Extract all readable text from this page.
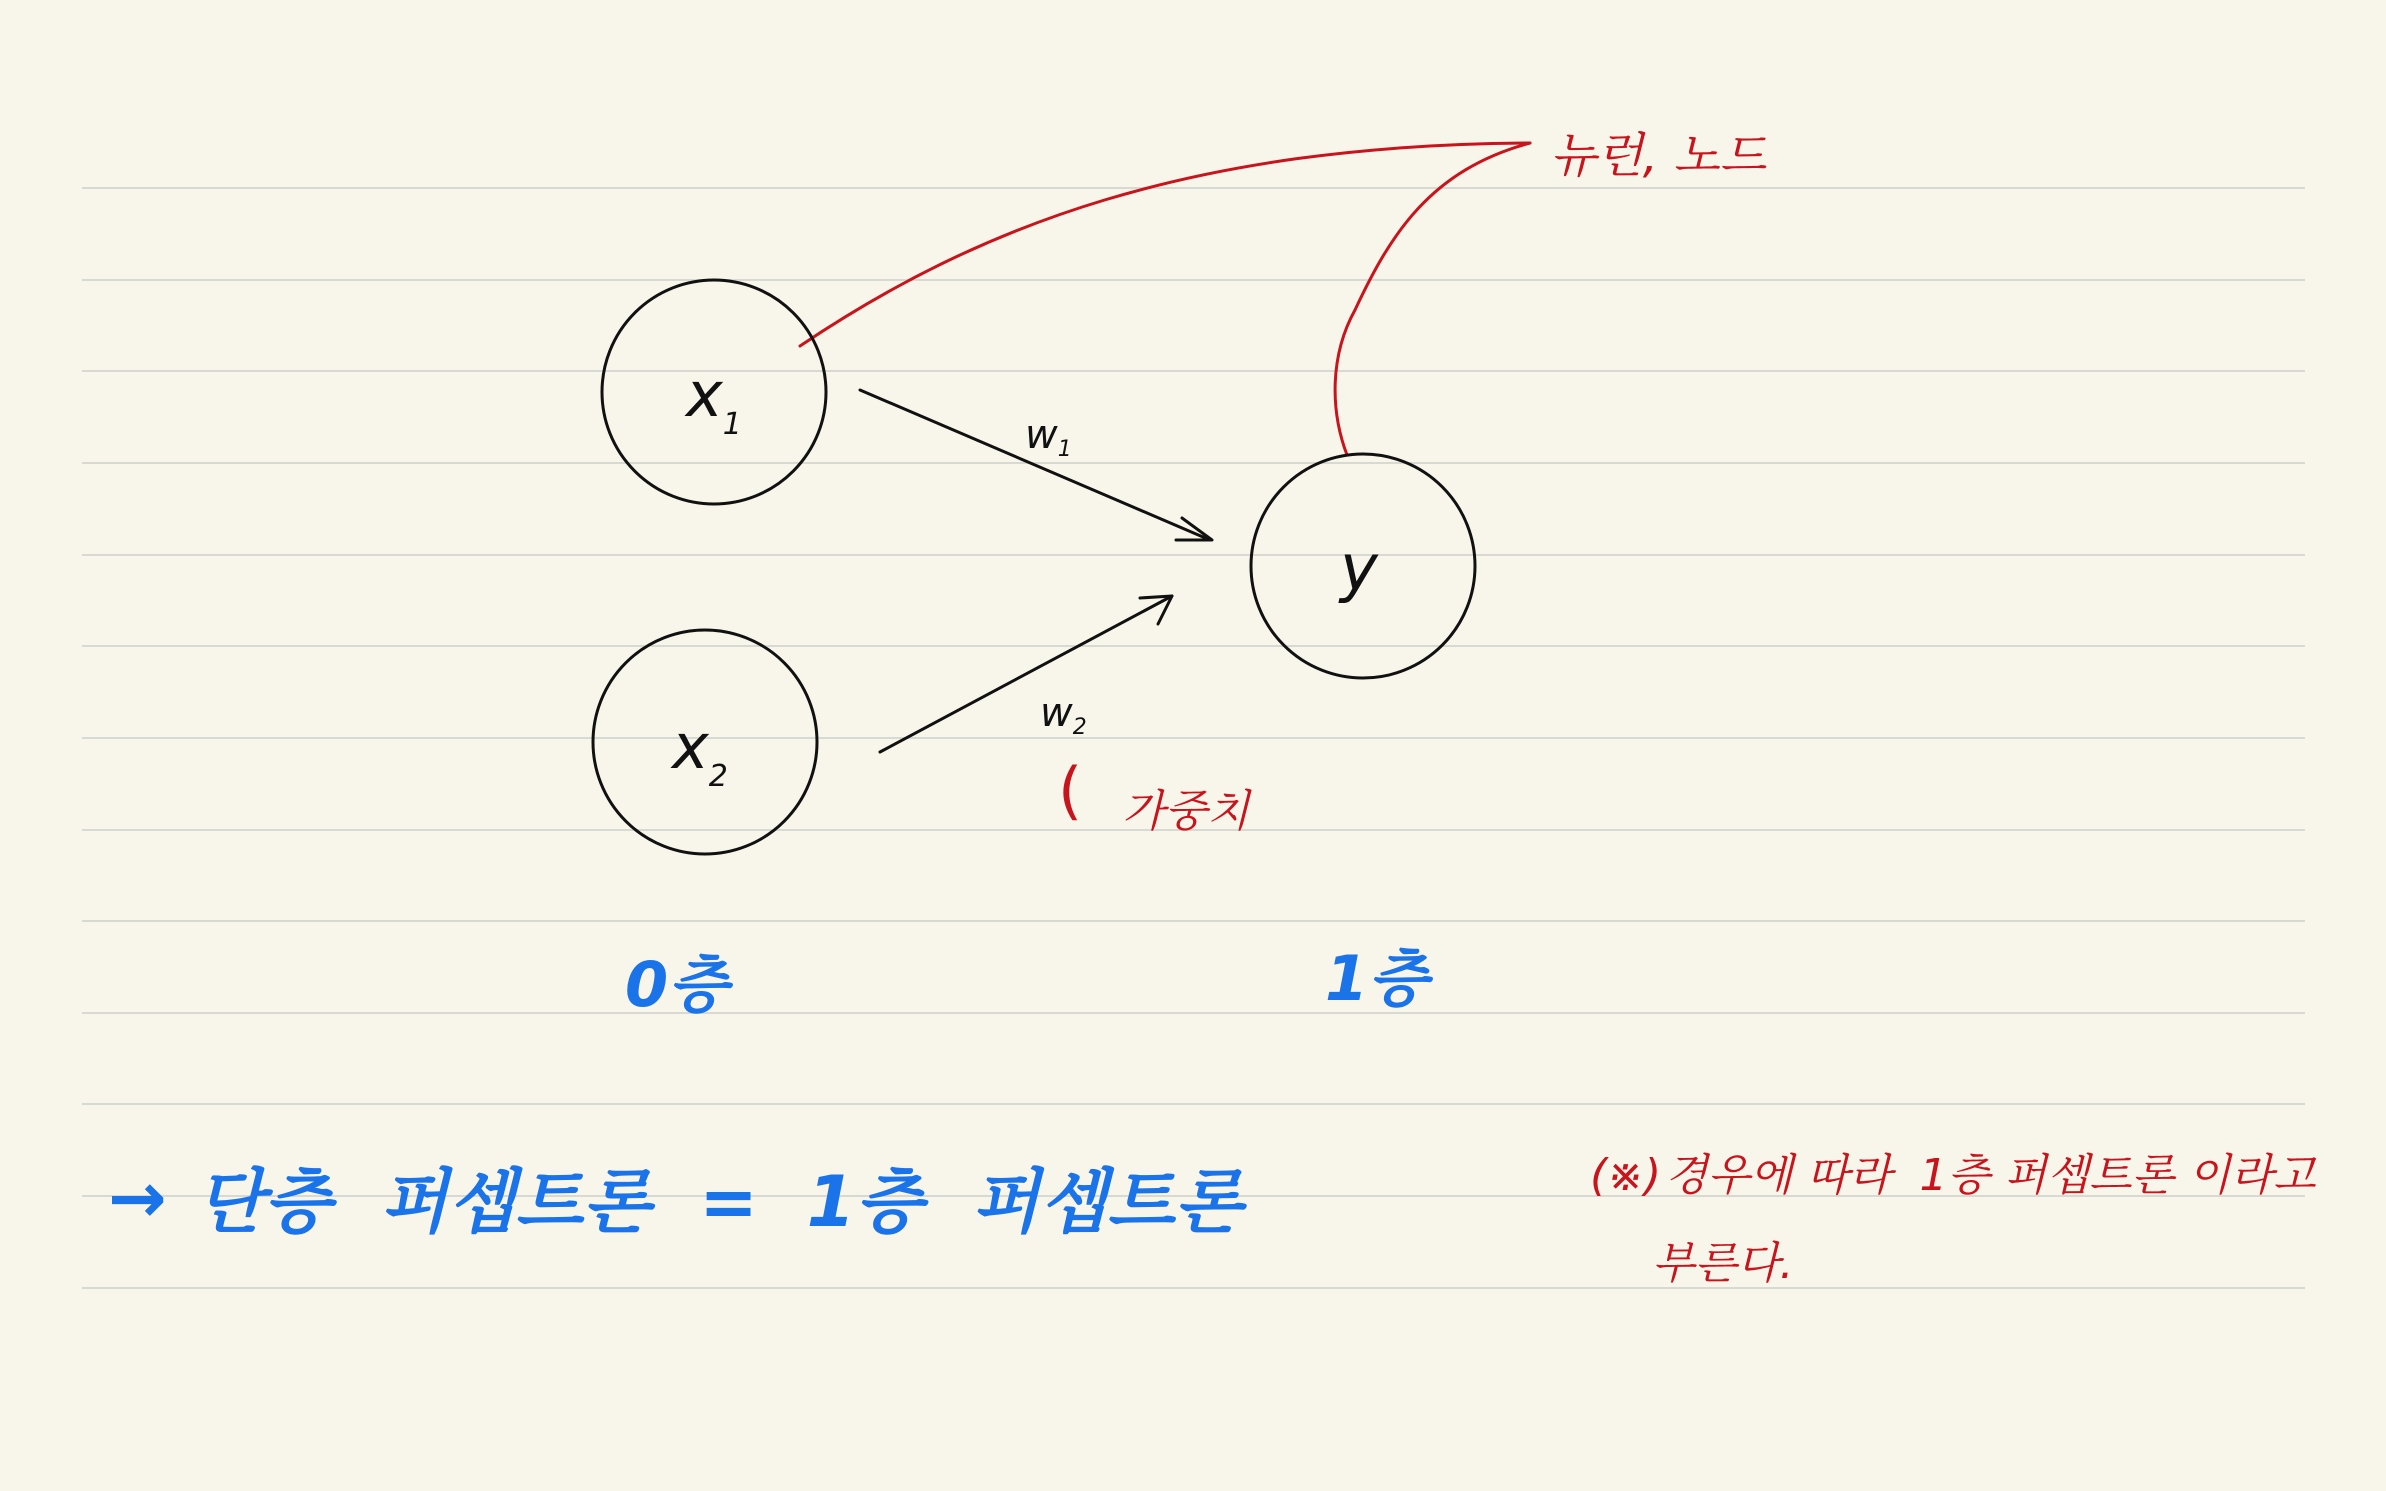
$x_1$
$x_2$
y
$w_1$
$w_2$
뉴런, 노드
( 가중치
0층	1층
→ 단층  퍼셉트론  =  1층  퍼셉트론	(※) 경우에 따라  1층 퍼셉트론 이라고
부른다.
